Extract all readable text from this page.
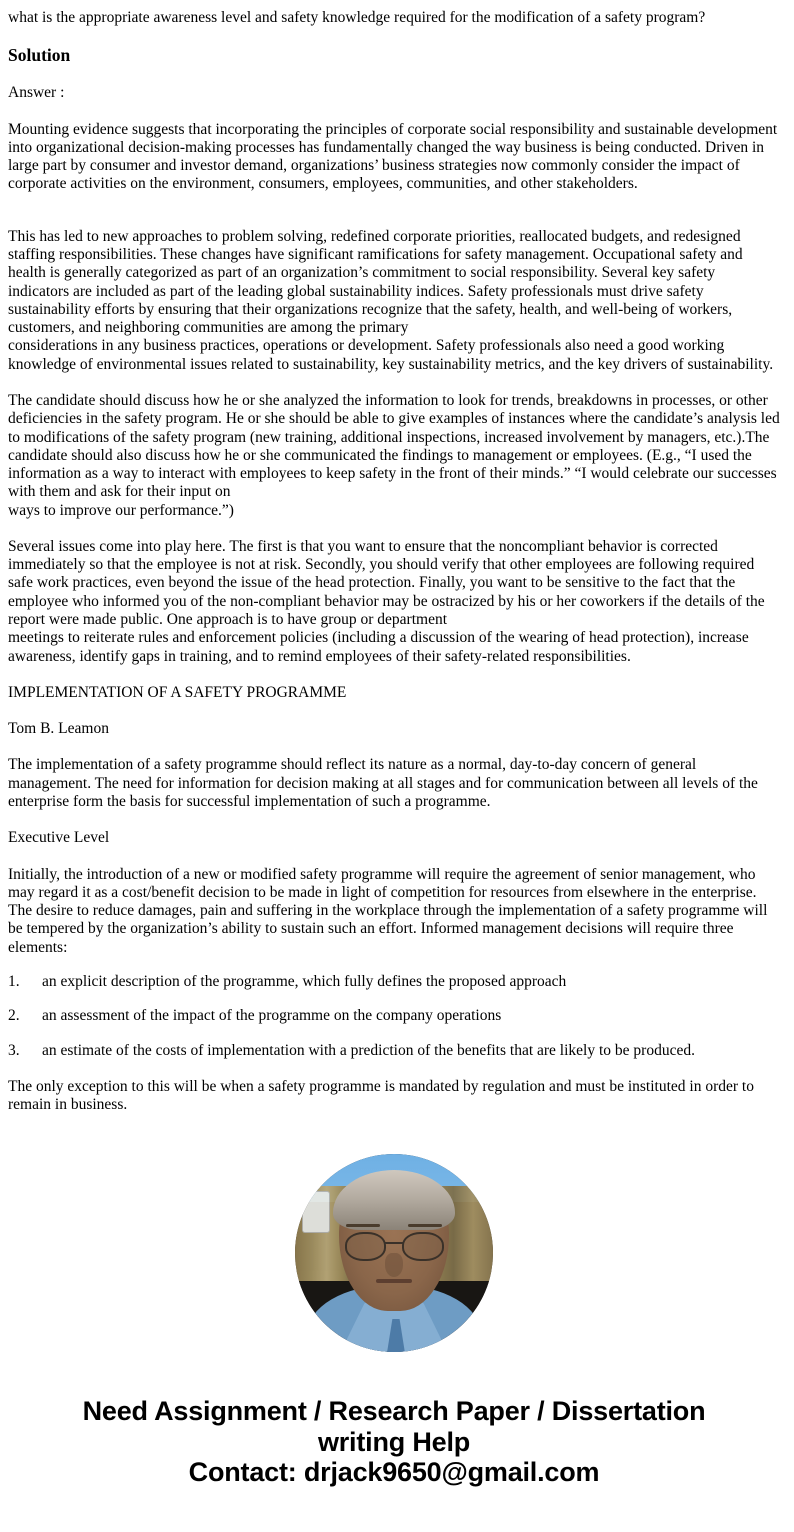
what is the appropriate awareness level and safety knowledge required for the modification of a safety program?

Solution

Answer :

Mounting evidence suggests that incorporating the principles of corporate social responsibility and sustainable development into organizational decision-making processes has fundamentally changed the way business is being conducted. Driven in large part by consumer and investor demand, organizations’ business strategies now commonly consider the impact of corporate activities on the environment, consumers, employees, communities, and other stakeholders.

This has led to new approaches to problem solving, redefined corporate priorities, reallocated budgets, and redesigned staffing responsibilities. These changes have significant ramifications for safety management. Occupational safety and health is generally categorized as part of an organization’s commitment to social responsibility. Several key safety indicators are included as part of the leading global sustainability indices. Safety professionals must drive safety sustainability efforts by ensuring that their organizations recognize that the safety, health, and well-being of workers, customers, and neighboring communities are among the primary

considerations in any business practices, operations or development. Safety professionals also need a good working knowledge of environmental issues related to sustainability, key sustainability metrics, and the key drivers of sustainability.

The candidate should discuss how he or she analyzed the information to look for trends, breakdowns in processes, or other deficiencies in the safety program. He or she should be able to give examples of instances where the candidate’s analysis led to modifications of the safety program (new training, additional inspections, increased involvement by managers, etc.).The candidate should also discuss how he or she communicated the findings to management or employees. (E.g., “I used the information as a way to interact with employees to keep safety in the front of their minds.” “I would celebrate our successes with them and ask for their input on

ways to improve our performance.”)

Several issues come into play here. The first is that you want to ensure that the noncompliant behavior is corrected immediately so that the employee is not at risk. Secondly, you should verify that other employees are following required safe work practices, even beyond the issue of the head protection. Finally, you want to be sensitive to the fact that the employee who informed you of the non-compliant behavior may be ostracized by his or her coworkers if the details of the report were made public. One approach is to have group or department

meetings to reiterate rules and enforcement policies (including a discussion of the wearing of head protection), increase awareness, identify gaps in training, and to remind employees of their safety-related responsibilities.

IMPLEMENTATION OF A SAFETY PROGRAMME

Tom B. Leamon

The implementation of a safety programme should reflect its nature as a normal, day-to-day concern of general management. The need for information for decision making at all stages and for communication between all levels of the enterprise form the basis for successful implementation of such a programme.

Executive Level

Initially, the introduction of a new or modified safety programme will require the agreement of senior management, who may regard it as a cost/benefit decision to be made in light of competition for resources from elsewhere in the enterprise. The desire to reduce damages, pain and suffering in the workplace through the implementation of a safety programme will be tempered by the organization’s ability to sustain such an effort. Informed management decisions will require three elements:

1.	an explicit description of the programme, which fully defines the proposed approach
2.	an assessment of the impact of the programme on the company operations
3.	an estimate of the costs of implementation with a prediction of the benefits that are likely to be produced.

The only exception to this will be when a safety programme is mandated by regulation and must be instituted in order to remain in business.

Need Assignment / Research Paper / Dissertation
writing Help
Contact: drjack9650@gmail.com
